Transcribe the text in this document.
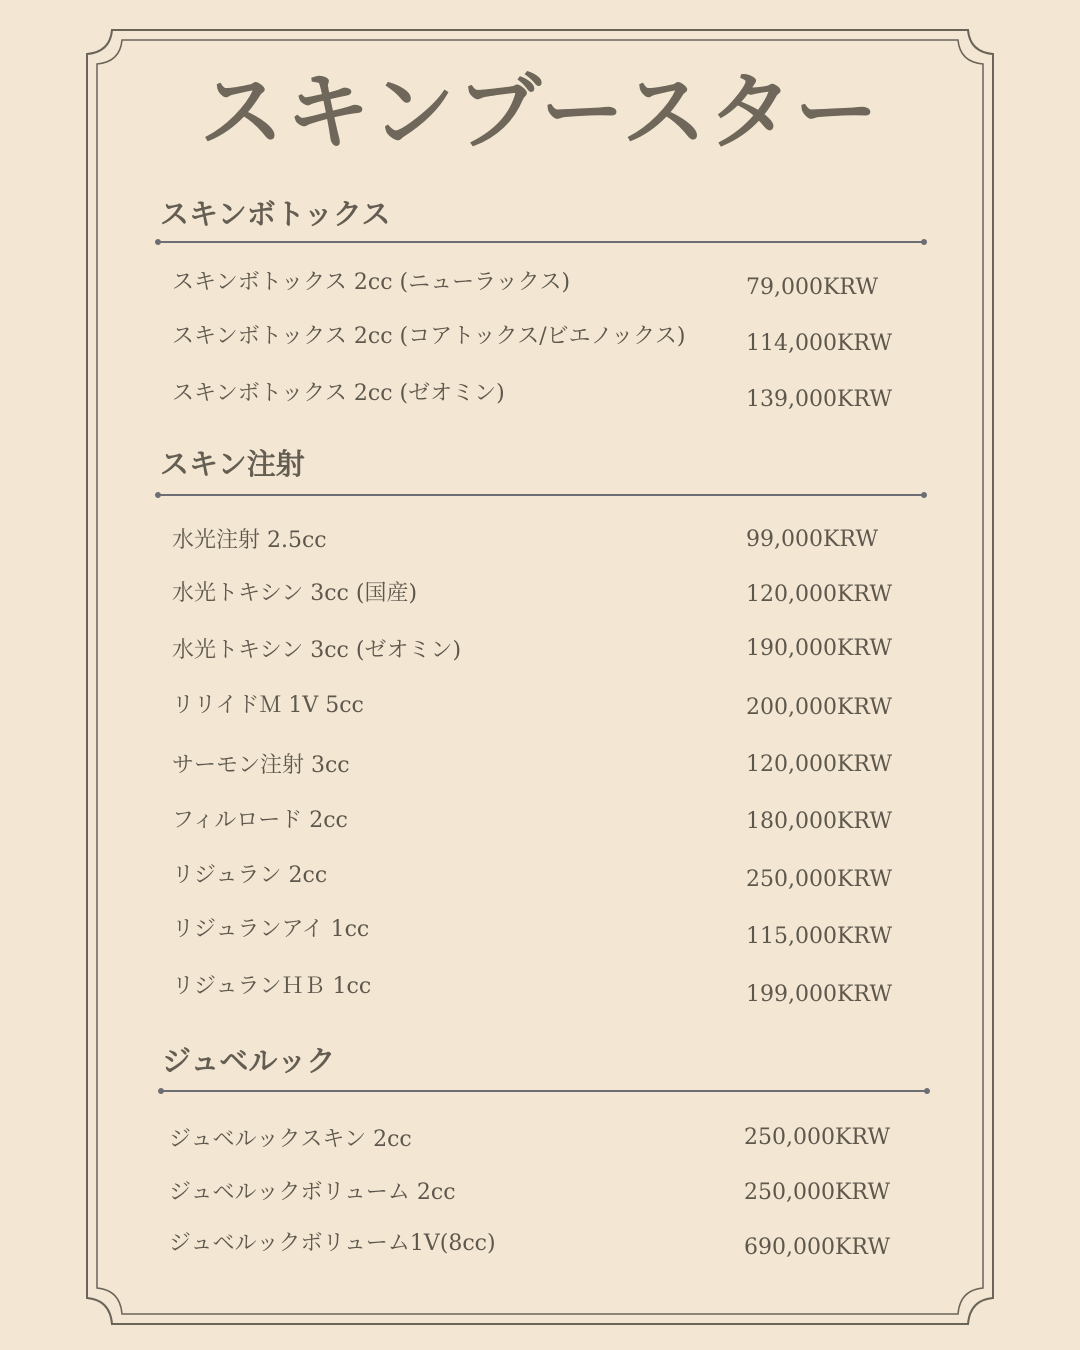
スキンブースター
スキンボトックス
スキンボトックス 2cc (ニューラックス)	79,000KRW
スキンボトックス 2cc (コアトックス/ビエノックス)	114,000KRW
スキンボトックス 2cc (ゼオミン)	139,000KRW
スキン注射
水光注射 2.5cc	99,000KRW
水光トキシン 3cc (国産)	120,000KRW
水光トキシン 3cc (ゼオミン)	190,000KRW
リリイドＭ 1V 5cc	200,000KRW
サーモン注射 3cc	120,000KRW
フィルロード 2cc	180,000KRW
リジュラン 2cc	250,000KRW
リジュランアイ 1cc	115,000KRW
リジュランＨＢ 1cc	199,000KRW
ジュベルック
ジュベルックスキン 2cc	250,000KRW
ジュベルックボリューム 2cc	250,000KRW
ジュベルックボリューム1V(8cc)	690,000KRW
